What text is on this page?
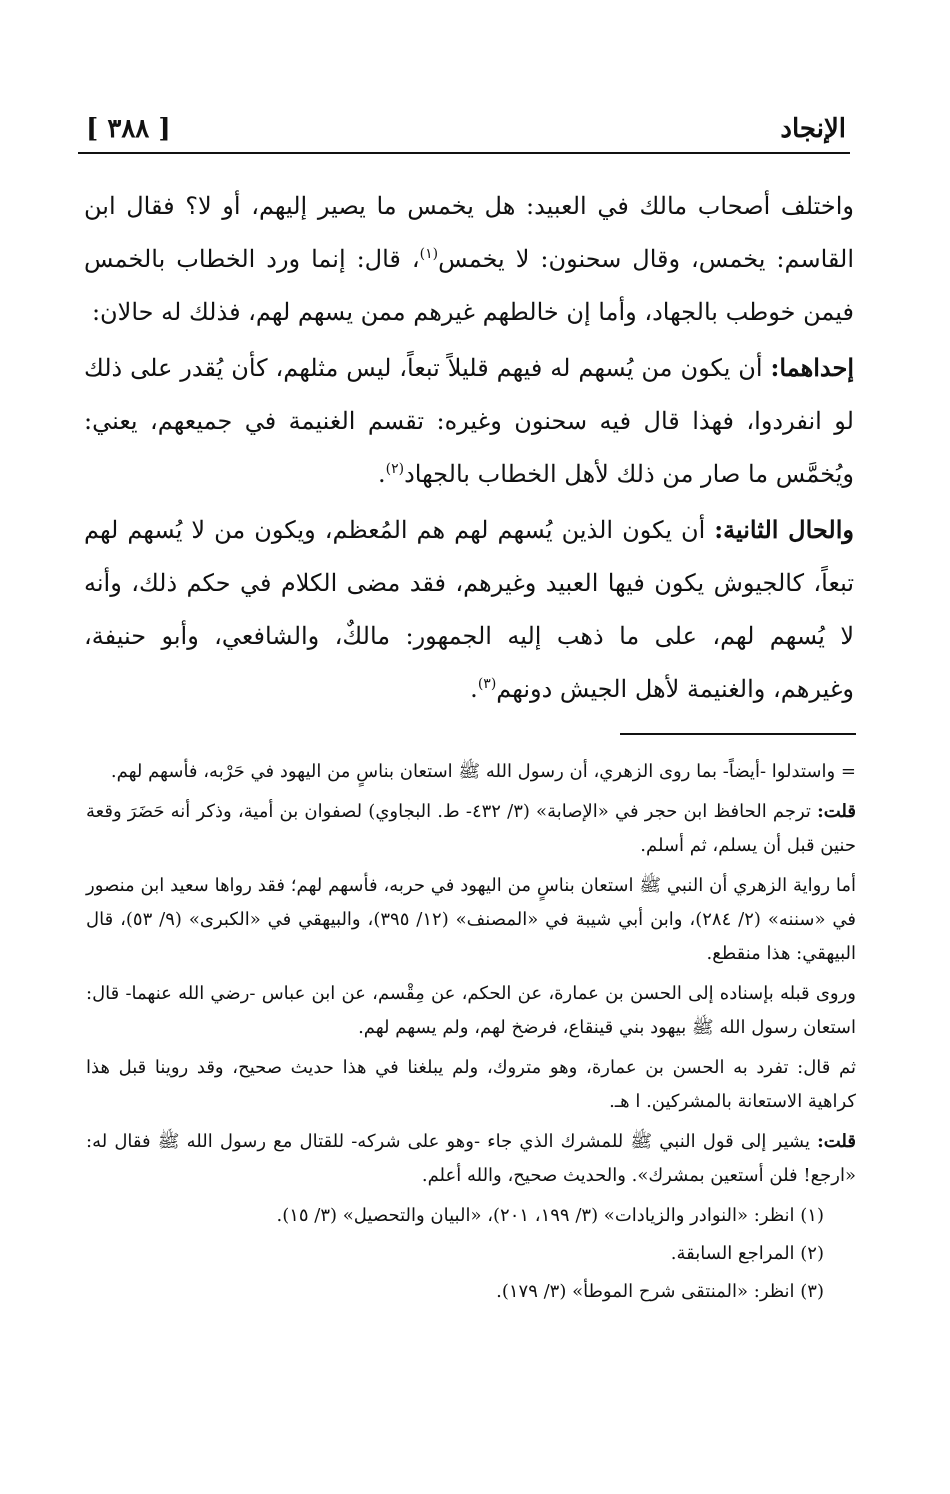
الإنجاد
[ ٣٨٨ ]

واختلف أصحاب مالك في العبيد: هل يخمس ما يصير إليهم، أو لا؟ فقال ابن القاسم: يخمس، وقال سحنون: لا يخمس$^{(١)}$، قال: إنما ورد الخطاب بالخمس فيمن خوطب بالجهاد، وأما إن خالطهم غيرهم ممن يسهم لهم، فذلك له حالان:

إحداهما: أن يكون من يُسهم له فيهم قليلاً تبعاً، ليس مثلهم، كأن يُقدر على ذلك لو انفردوا، فهذا قال فيه سحنون وغيره: تقسم الغنيمة في جميعهم، يعني: ويُخمَّس ما صار من ذلك لأهل الخطاب بالجهاد$^{(٢)}$.

والحال الثانية: أن يكون الذين يُسهم لهم هم المُعظم، ويكون من لا يُسهم لهم تبعاً، كالجيوش يكون فيها العبيد وغيرهم، فقد مضى الكلام في حكم ذلك، وأنه لا يُسهم لهم، على ما ذهب إليه الجمهور: مالكٌ، والشافعي، وأبو حنيفة، وغيرهم، والغنيمة لأهل الجيش دونهم$^{(٣)}$.

= واستدلوا -أيضاً- بما روى الزهري، أن رسول الله ﷺ استعان بناسٍ من اليهود في حَرْبه، فأسهم لهم.

قلت: ترجم الحافظ ابن حجر في «الإصابة» (٣/ ٤٣٢- ط. البجاوي) لصفوان بن أمية، وذكر أنه حَضَرَ وقعة حنين قبل أن يسلم، ثم أسلم.

أما رواية الزهري أن النبي ﷺ استعان بناسٍ من اليهود في حربه، فأسهم لهم؛ فقد رواها سعيد ابن منصور في «سننه» (٢/ ٢٨٤)، وابن أبي شيبة في «المصنف» (١٢/ ٣٩٥)، والبيهقي في «الكبرى» (٩/ ٥٣)، قال البيهقي: هذا منقطع.

وروى قبله بإسناده إلى الحسن بن عمارة، عن الحكم، عن مِقْسم، عن ابن عباس -رضي الله عنهما- قال: استعان رسول الله ﷺ بيهود بني قينقاع، فرضخ لهم، ولم يسهم لهم.

ثم قال: تفرد به الحسن بن عمارة، وهو متروك، ولم يبلغنا في هذا حديث صحيح، وقد روينا قبل هذا كراهية الاستعانة بالمشركين. ا هـ.

قلت: يشير إلى قول النبي ﷺ للمشرك الذي جاء -وهو على شركه- للقتال مع رسول الله ﷺ فقال له: «ارجع! فلن أستعين بمشرك». والحديث صحيح، والله أعلم.

(١) انظر: «النوادر والزيادات» (٣/ ١٩٩، ٢٠١)، «البيان والتحصيل» (٣/ ١٥).

(٢) المراجع السابقة.

(٣) انظر: «المنتقى شرح الموطأ» (٣/ ١٧٩).
